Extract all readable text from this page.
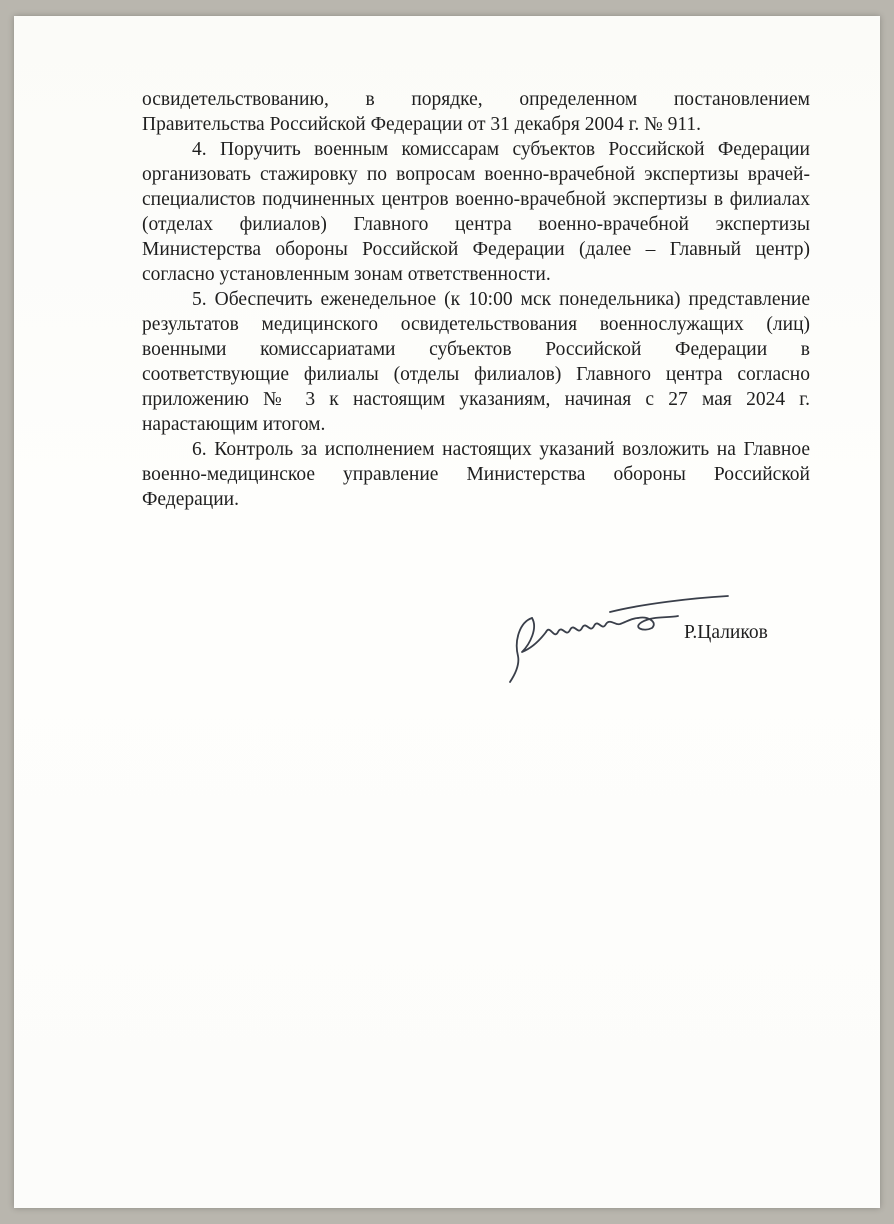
освидетельствованию, в порядке, определенном постановлением Правительства Российской Федерации от 31 декабря 2004 г. № 911.

4. Поручить военным комиссарам субъектов Российской Федерации организовать стажировку по вопросам военно-врачебной экспертизы врачей-специалистов подчиненных центров военно-врачебной экспертизы в филиалах (отделах филиалов) Главного центра военно-врачебной экспертизы Министерства обороны Российской Федерации (далее – Главный центр) согласно установленным зонам ответственности.

5. Обеспечить еженедельное (к 10:00 мск понедельника) представление результатов медицинского освидетельствования военнослужащих (лиц) военными комиссариатами субъектов Российской Федерации в соответствующие филиалы (отделы филиалов) Главного центра согласно приложению № 3 к настоящим указаниям, начиная с 27 мая 2024 г. нарастающим итогом.

6. Контроль за исполнением настоящих указаний возложить на Главное военно-медицинское управление Министерства обороны Российской Федерации.

Р.Цаликов
